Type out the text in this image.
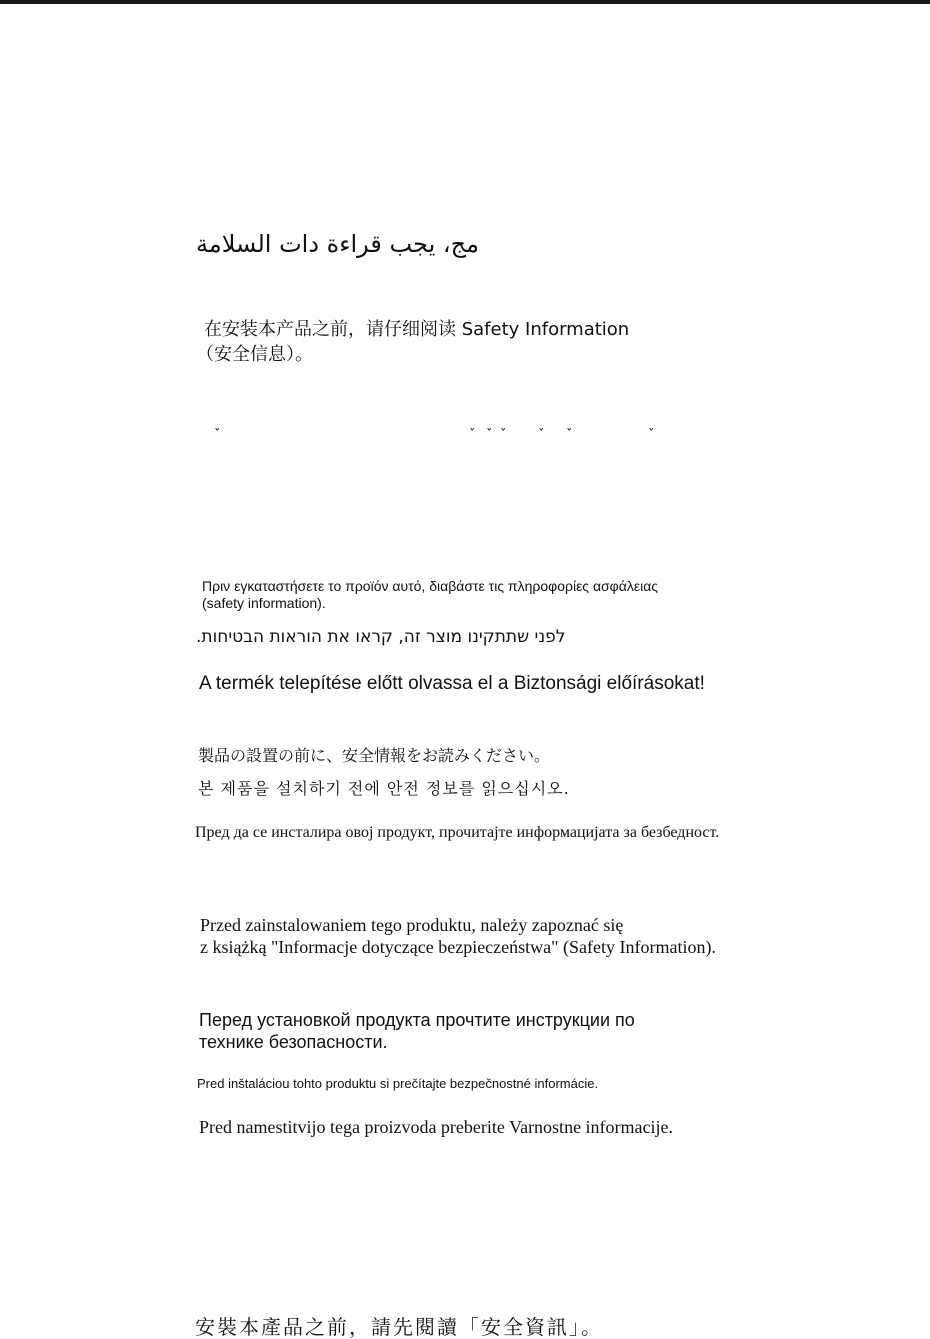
مج، يجب قراءة دات السلامة

在安装本产品之前，请仔细阅读 Safety Information

（安全信息）。

ˇ	ˇ ˇ ˇ ˇ ˇ	ˇ

Πριν εγκαταστήσετε το προϊόν αυτό, διαβάστε τις πληροφορίες ασφάλειας

(safety information).

לפני שתתקינו מוצר זה, קראו את הוראות הבטיחות.

A termék telepítése előtt olvassa el a Biztonsági előírásokat!

製品の設置の前に、安全情報をお読みください。

본 제품을 설치하기 전에 안전 정보를 읽으십시오.

Пред да се инсталира овој продукт, прочитајте информацијата за безбедност.

Przed zainstalowaniem tego produktu, należy zapoznać się

z książką "Informacje dotyczące bezpieczeństwa" (Safety Information).

Перед установкой продукта прочтите инструкции по

технике безопасности.

Pred inštaláciou tohto produktu si prečítajte bezpečnostné informácie.

Pred namestitvijo tega proizvoda preberite Varnostne informacije.

安裝本產品之前，請先閱讀「安全資訊」。
